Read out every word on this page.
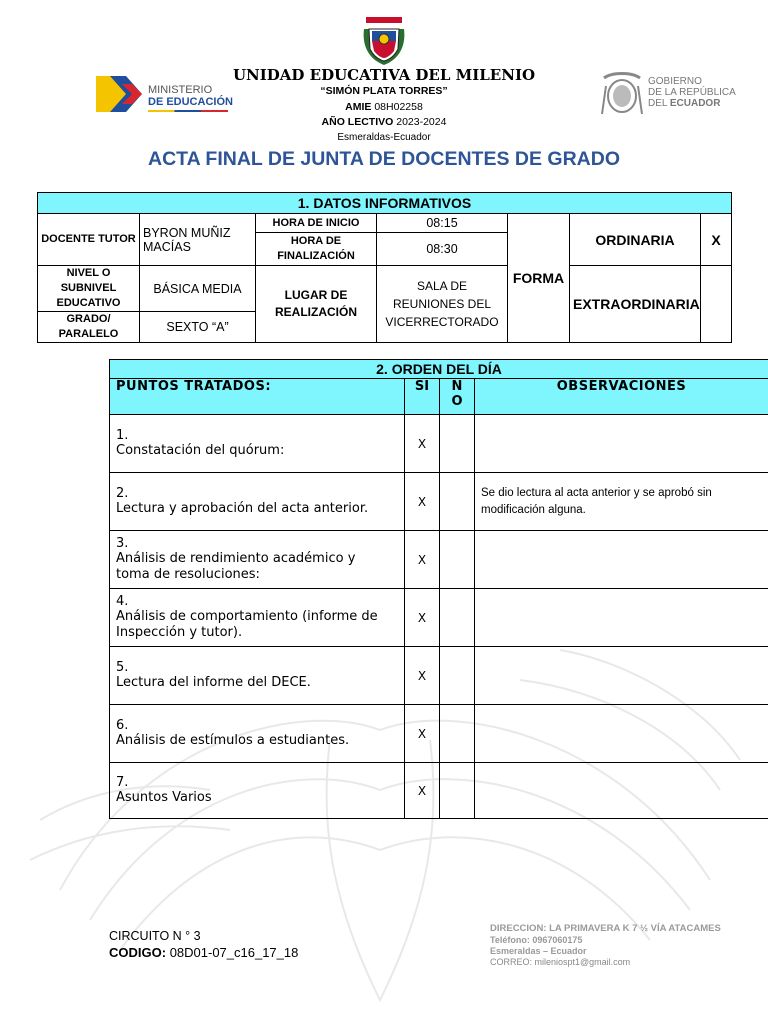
MINISTERIO
DE EDUCACIÓN
GOBIERNO
DE LA REPÚBLICA
DEL ECUADOR
UNIDAD EDUCATIVA DEL MILENIO
“SIMÓN PLATA TORRES”
AMIE 08H02258
AÑO LECTIVO 2023-2024
Esmeraldas-Ecuador
ACTA FINAL DE JUNTA DE DOCENTES DE GRADO
1. DATOS INFORMATIVOS						
DOCENTE TUTOR	BYRON MUÑIZ MACÍAS	HORA DE INICIO	08:15	FORMA	ORDINARIA	X
		HORA DE FINALIZACIÓN	08:30			
NIVEL O SUBNIVEL EDUCATIVO	BÁSICA MEDIA	LUGAR DE REALIZACIÓN	SALA DE REUNIONES DEL VICERRECTORADO		EXTRAORDINARIA	
GRADO/ PARALELO	SEXTO “A”					
2. ORDEN DEL DÍA			
PUNTOS TRATADOS:	SI	NO	OBSERVACIONES
1.Constatación del quórum:	X		
2.Lectura y aprobación del acta anterior.	X		Se dio lectura al acta anterior y se aprobó sin modificación alguna.
3.Análisis de rendimiento académico y toma de resoluciones:	X		
4.Análisis de comportamiento (informe de Inspección y tutor).	X		
5.Lectura del informe del DECE.	X		
6.Análisis de estímulos a estudiantes.	X		
7.Asuntos Varios	X		
CIRCUITO N ° 3
CODIGO: 08D01-07_c16_17_18
DIRECCION: LA PRIMAVERA K 7 ½ VÍA ATACAMES
Teléfono: 0967060175
Esmeraldas – Ecuador
CORREO: mileniospt1@gmail.com
